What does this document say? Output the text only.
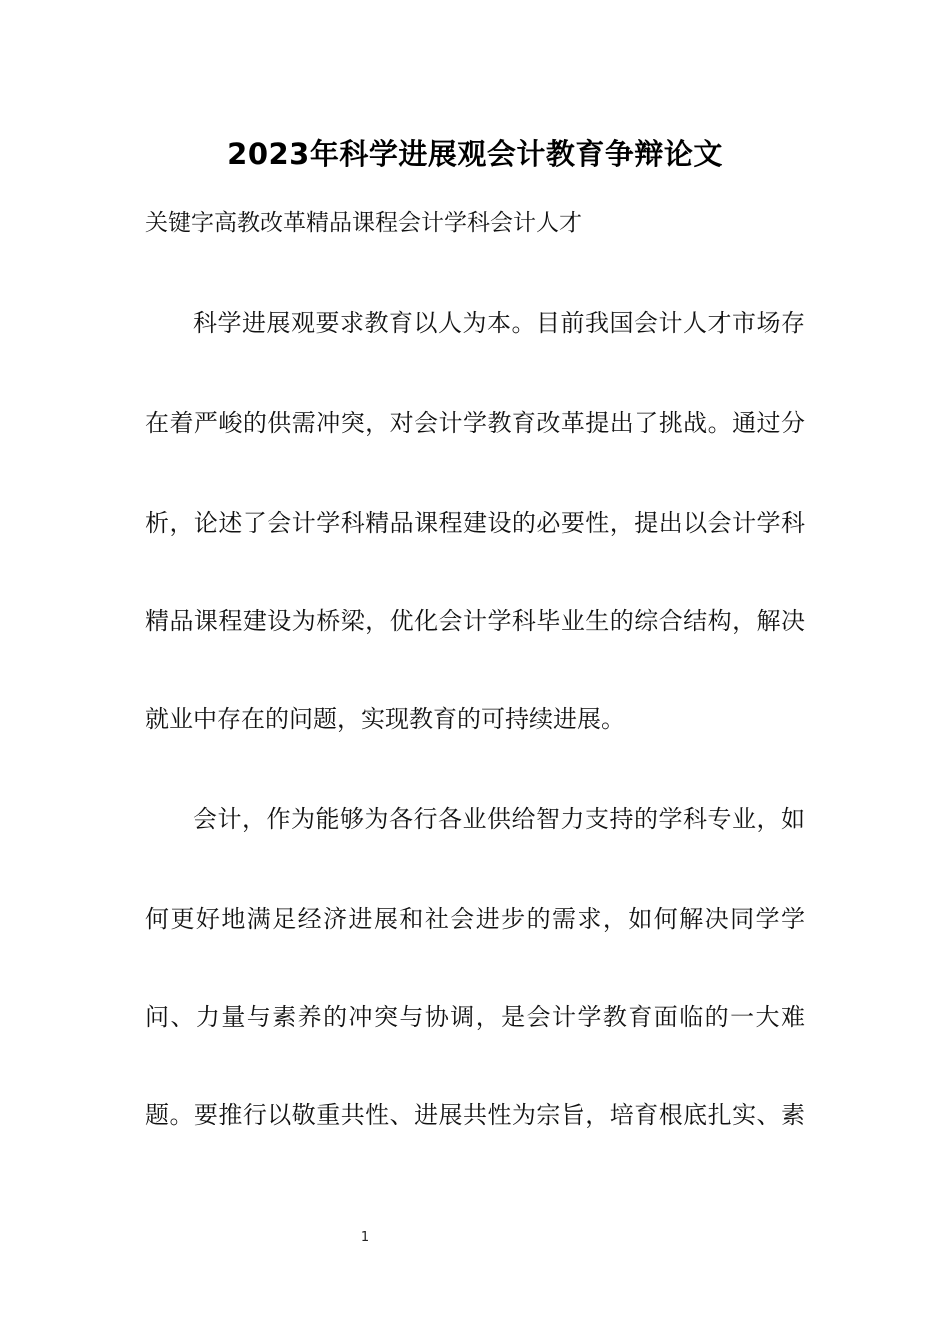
2023年科学进展观会计教育争辩论文
关键字高教改革精品课程会计学科会计人才
科学进展观要求教育以人为本。目前我国会计人才市场存
在着严峻的供需冲突，对会计学教育改革提出了挑战。通过分
析，论述了会计学科精品课程建设的必要性，提出以会计学科
精品课程建设为桥梁，优化会计学科毕业生的综合结构，解决
就业中存在的问题，实现教育的可持续进展。
会计，作为能够为各行各业供给智力支持的学科专业，如
何更好地满足经济进展和社会进步的需求，如何解决同学学
问、力量与素养的冲突与协调，是会计学教育面临的一大难
题。要推行以敬重共性、进展共性为宗旨，培育根底扎实、素
1
